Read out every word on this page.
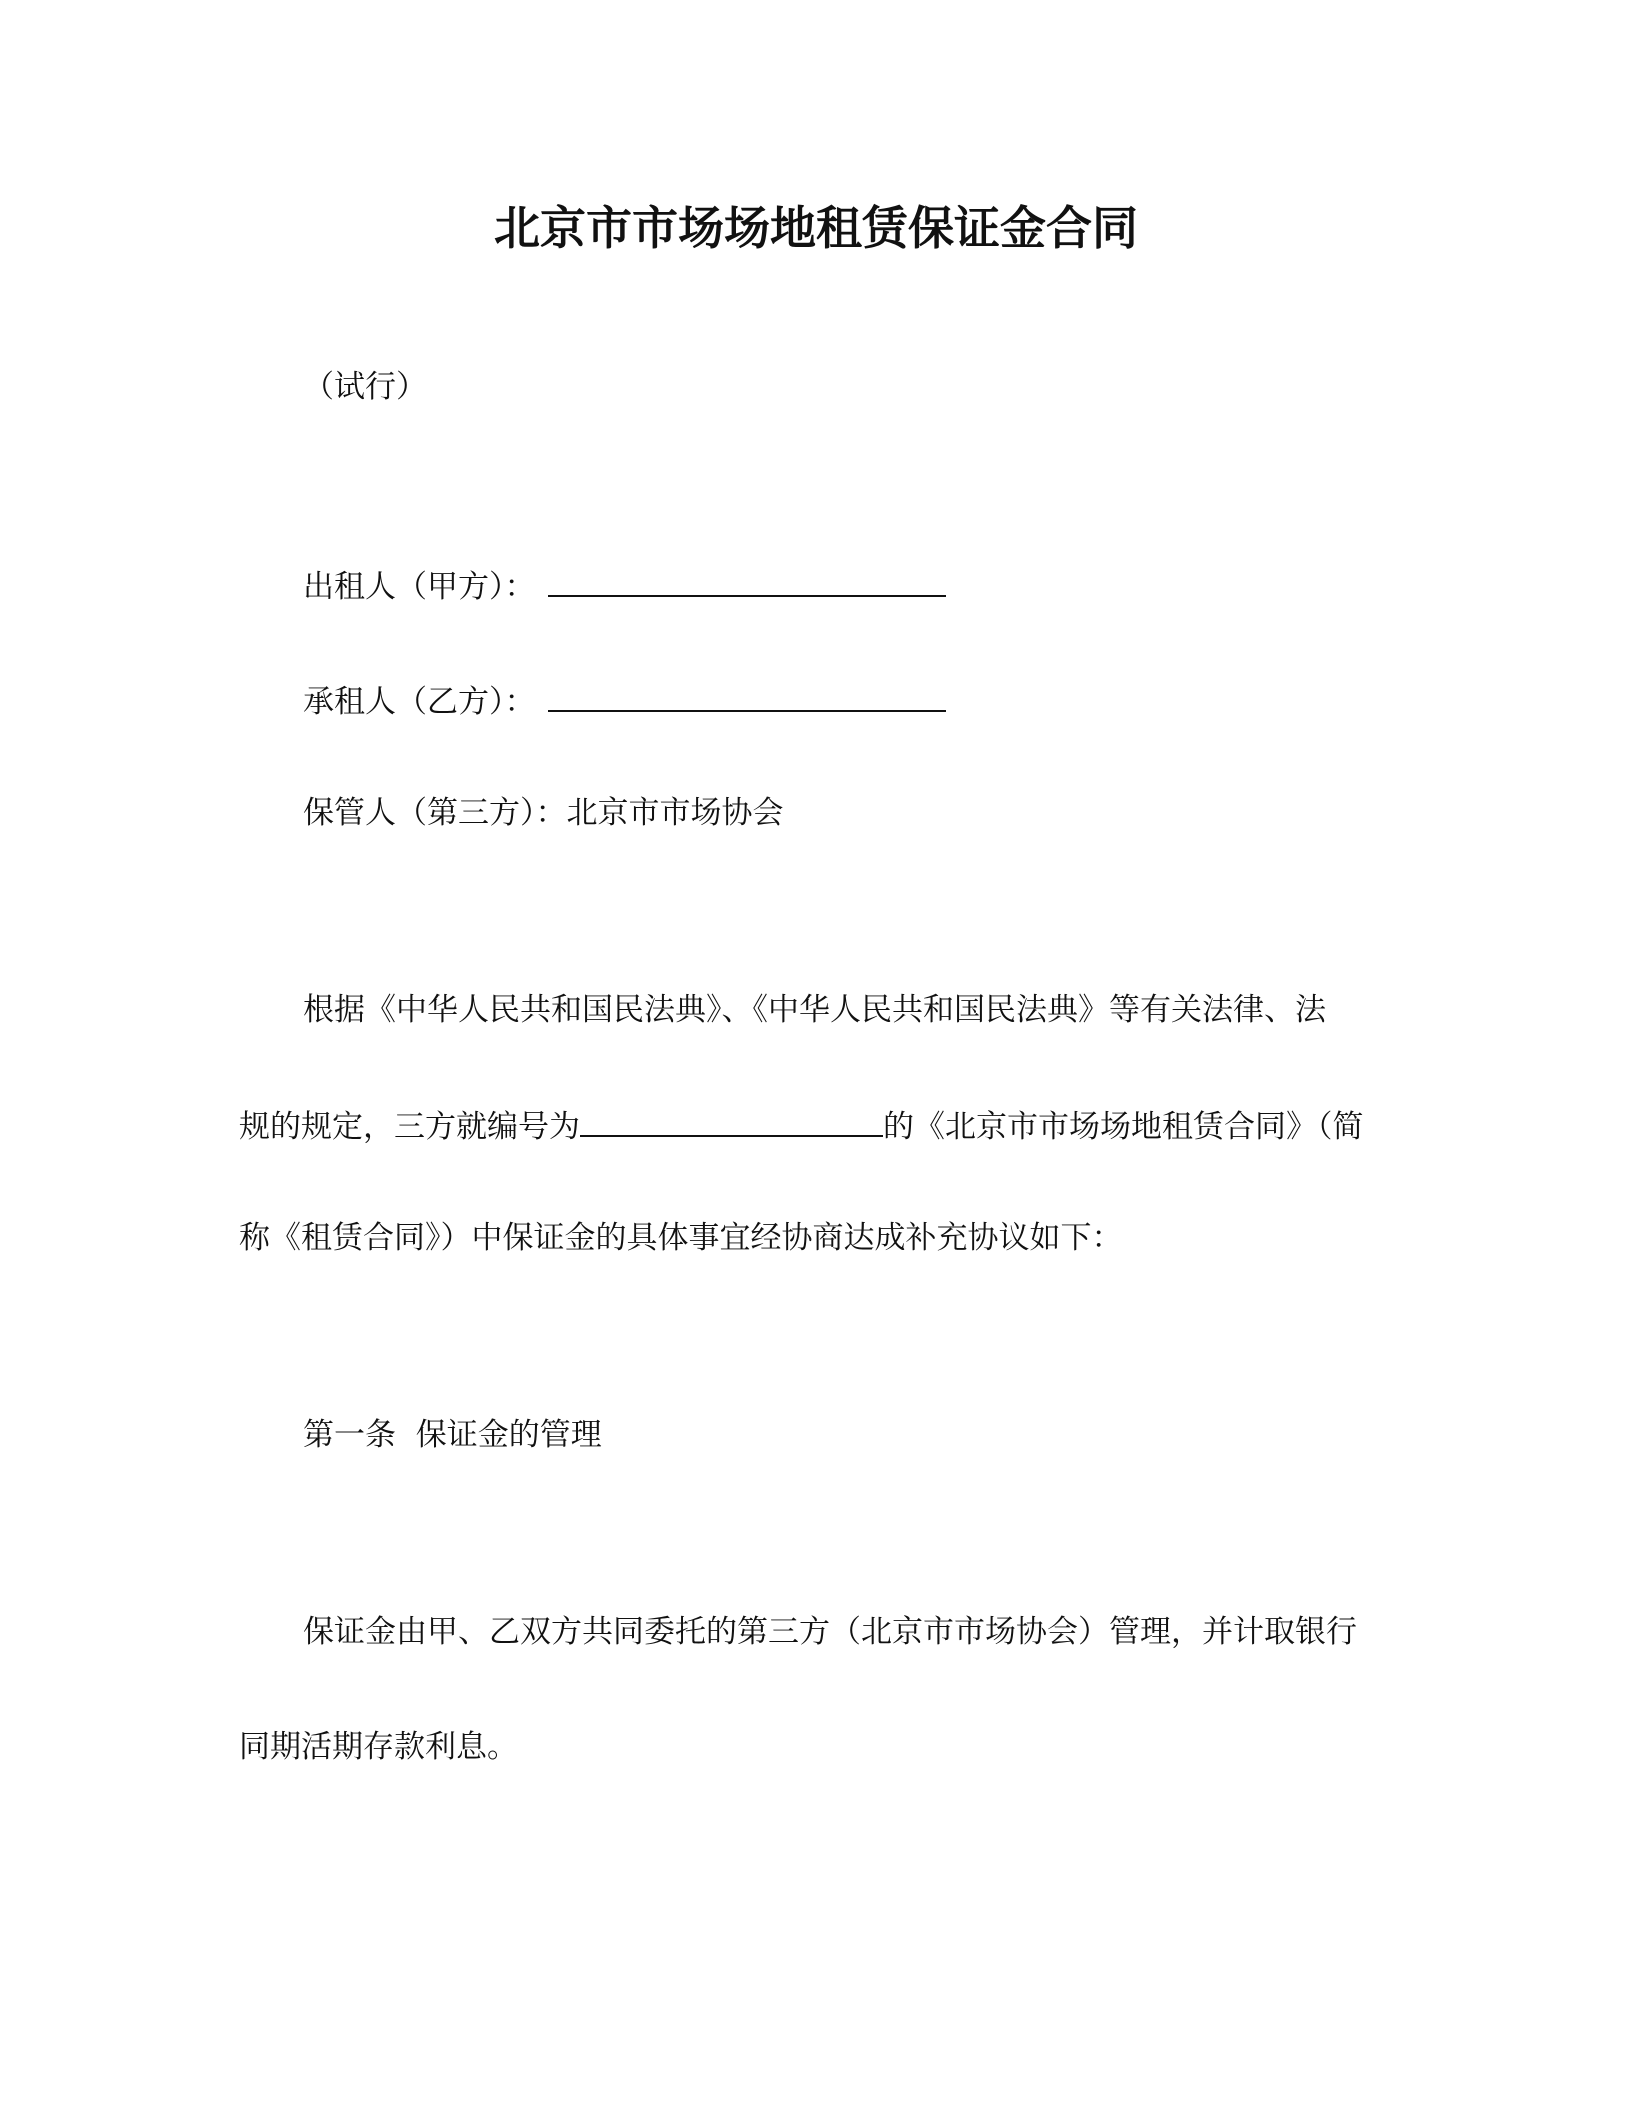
北京市市场场地租赁保证金合同
（试行）
出租人（甲方）：
承租人（乙方）：
保管人（第三方）：北京市市场协会
根据《中华人民共和国民法典》、《中华人民共和国民法典》等有关法律、法
规的规定，三方就编号为	的《北京市市场场地租赁合同》（简
称《租赁合同》）中保证金的具体事宜经协商达成补充协议如下：
第一条  保证金的管理
保证金由甲、乙双方共同委托的第三方（北京市市场协会）管理，并计取银行
同期活期存款利息。
